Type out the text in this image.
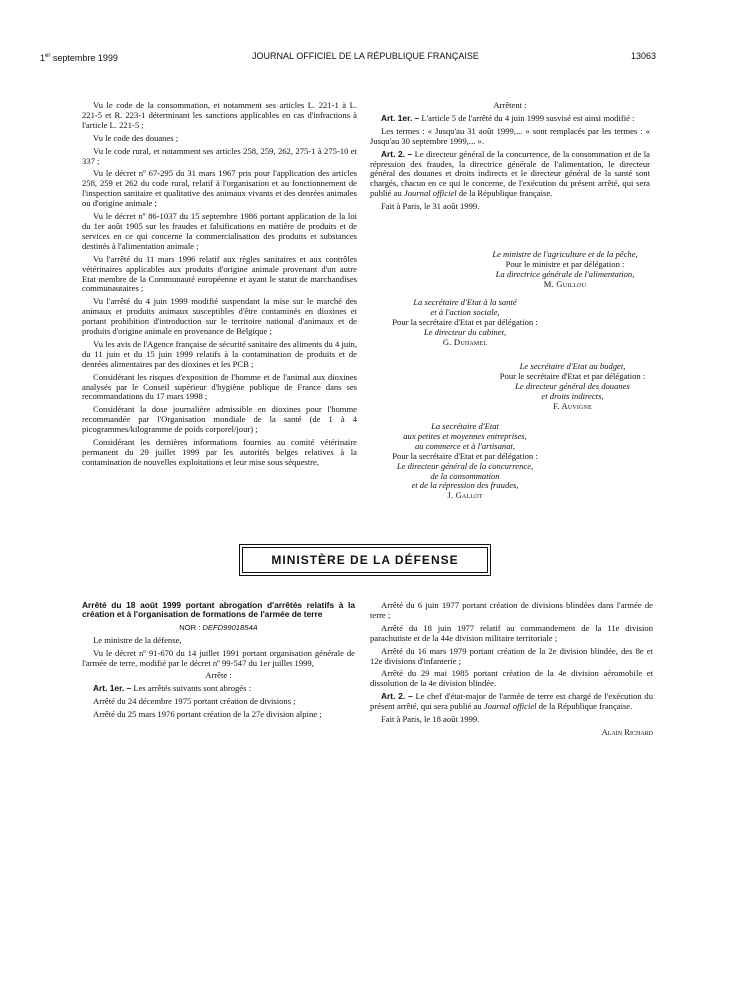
1er septembre 1999	JOURNAL OFFICIEL DE LA RÉPUBLIQUE FRANÇAISE	13063

Vu le code de la consommation, et notamment ses articles L. 221-1 à L. 221-5 et R. 223-1 déterminant les sanctions applicables en cas d'infractions à l'article L. 221-5 ;

Vu le code des douanes ;

Vu le code rural, et notamment ses articles 258, 259, 262, 275-1 à 275-10 et 337 ;

Vu le décret nº 67-295 du 31 mars 1967 pris pour l'application des articles 258, 259 et 262 du code rural, relatif à l'organisation et au fonctionnement de l'inspection sanitaire et qualitative des animaux vivants et des denrées animales ou d'origine animale ;

Vu le décret nº 86-1037 du 15 septembre 1986 portant application de la loi du 1er août 1905 sur les fraudes et falsifications en matière de produits et de services en ce qui concerne la commercialisation des produits et substances destinés à l'alimentation animale ;

Vu l'arrêté du 11 mars 1996 relatif aux règles sanitaires et aux contrôles vétérinaires applicables aux produits d'origine animale provenant d'un autre Etat membre de la Communauté européenne et ayant le statut de marchandises communautaires ;

Vu l'arrêté du 4 juin 1999 modifié suspendant la mise sur le marché des animaux et produits animaux susceptibles d'être contaminés en dioxines et portant prohibition d'introduction sur le territoire national d'animaux et de produits d'origine animale en provenance de Belgique ;

Vu les avis de l'Agence française de sécurité sanitaire des aliments du 4 juin, du 11 juin et du 15 juin 1999 relatifs à la contamination de produits et de denrées alimentaires par des dioxines et les PCB ;

Considérant les risques d'exposition de l'homme et de l'animal aux dioxines analysés par le Conseil supérieur d'hygiène publique de France dans ses recommandations du 17 mars 1998 ;

Considérant la dose journalière admissible en dioxines pour l'homme recommandée par l'Organisation mondiale de la santé (de 1 à 4 picogrammes/kilogramme de poids corporel/jour) ;

Considérant les dernières informations fournies au comité vétérinaire permanent du 29 juillet 1999 par les autorités belges relatives à la contamination de nouvelles exploitations et leur mise sous séquestre,

Arrêtent :

Art. 1er. – L'article 5 de l'arrêté du 4 juin 1999 susvisé est ainsi modifié :

Les termes : « Jusqu'au 31 août 1999,... » sont remplacés par les termes : « Jusqu'au 30 septembre 1999,... ».

Art. 2. – Le directeur général de la concurrence, de la consommation et de la répression des fraudes, la directrice générale de l'alimentation, le directeur général des douanes et droits indirects et le directeur général de la santé sont chargés, chacun en ce qui le concerne, de l'exécution du présent arrêté, qui sera publié au Journal officiel de la République française.

Fait à Paris, le 31 août 1999.

Le ministre de l'agriculture et de la pêche,
Pour le ministre et par délégation :
La directrice générale de l'alimentation,
M. Guillou
La secrétaire d'Etat à la santé
et à l'action sociale,
Pour la secrétaire d'Etat et par délégation :
Le directeur du cabinet,
G. Duhamel
Le secrétaire d'Etat au budget,
Pour le secrétaire d'Etat et par délégation :
Le directeur général des douanes
et droits indirects,
F. Auvigne
La secrétaire d'Etat
aux petites et moyennes entreprises,
au commerce et à l'artisanat,
Pour la secrétaire d'Etat et par délégation :
Le directeur général de la concurrence,
de la consommation
et de la répression des fraudes,
J. Gallot
MINISTÈRE DE LA DÉFENSE

Arrêté du 18 août 1999 portant abrogation d'arrêtés relatifs à la création et à l'organisation de formations de l'armée de terre

NOR : DEFD9901854A

Le ministre de la défense,

Vu le décret nº 91-670 du 14 juillet 1991 portant organisation générale de l'armée de terre, modifié par le décret nº 99-547 du 1er juillet 1999,

Arrête :

Art. 1er. – Les arrêtés suivants sont abrogés :

Arrêté du 24 décembre 1975 portant création de divisions ;

Arrêté du 25 mars 1976 portant création de la 27e division alpine ;

Arrêté du 6 juin 1977 portant création de divisions blindées dans l'armée de terre ;

Arrêté du 18 juin 1977 relatif au commandement de la 11e division parachutiste et de la 44e division militaire territoriale ;

Arrêté du 16 mars 1979 portant création de la 2e division blindée, des 8e et 12e divisions d'infanterie ;

Arrêté du 29 mai 1985 portant création de la 4e division aéromobile et dissolution de la 4e division blindée.

Art. 2. – Le chef d'état-major de l'armée de terre est chargé de l'exécution du présent arrêté, qui sera publié au Journal officiel de la République française.

Fait à Paris, le 18 août 1999.

Alain Richard
